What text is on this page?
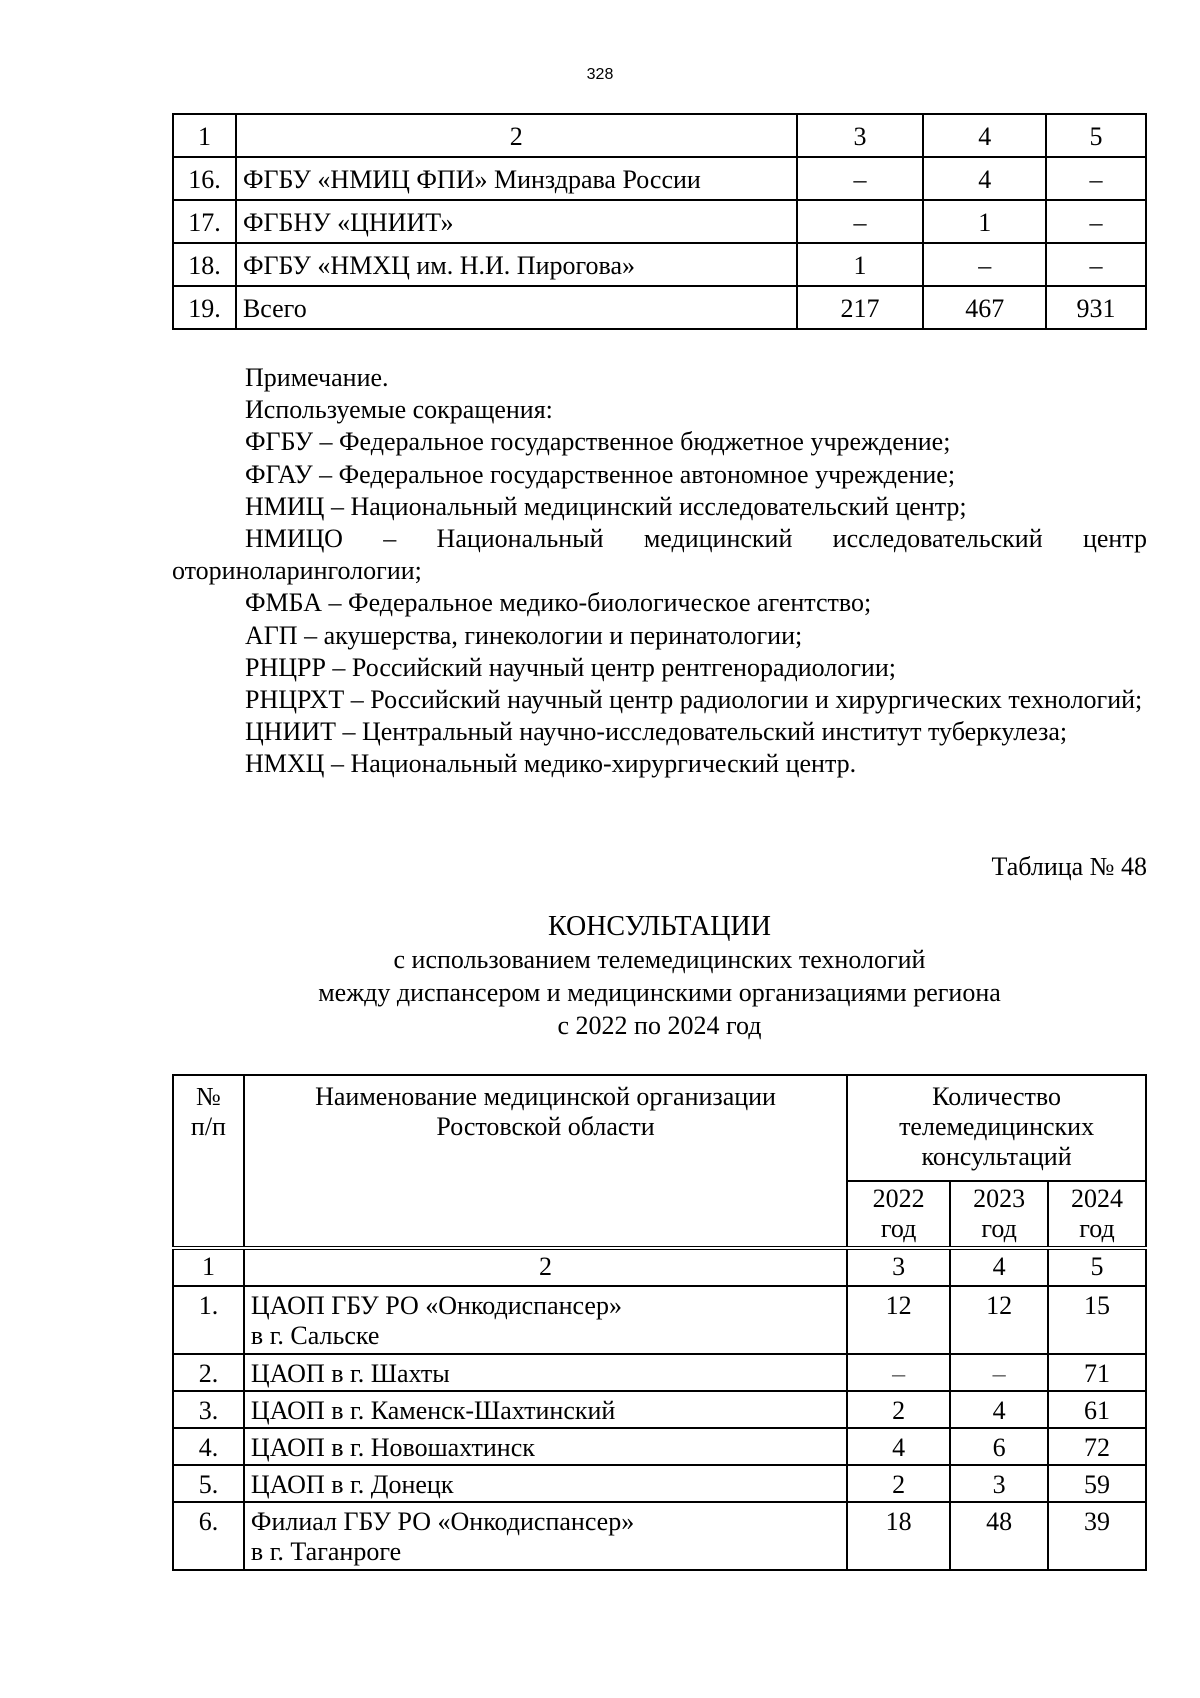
328
1	2	3	4	5
16.	ФГБУ «НМИЦ ФПИ» Минздрава России	–	4	–
17.	ФГБНУ «ЦНИИТ»	–	1	–
18.	ФГБУ «НМХЦ им. Н.И. Пирогова»	1	–	–
19.	Всего	217	467	931

Примечание.

Используемые сокращения:

ФГБУ – Федеральное государственное бюджетное учреждение;

ФГАУ – Федеральное государственное автономное учреждение;

НМИЦ – Национальный медицинский исследовательский центр;

НМИЦО – Национальный медицинский исследовательский центр оториноларингологии;

ФМБА – Федеральное медико-биологическое агентство;

АГП – акушерства, гинекологии и перинатологии;

РНЦРР – Российский научный центр рентгенорадиологии;

РНЦРХТ – Российский научный центр радиологии и хирургических технологий;

ЦНИИТ – Центральный научно-исследовательский институт туберкулеза;

НМХЦ – Национальный медико-хирургический центр.

Таблица № 48
КОНСУЛЬТАЦИИ
с использованием телемедицинских технологий
между диспансером и медицинскими организациями региона
с 2022 по 2024 год
№ п/п	Наименование медицинской организации Ростовской области	Количество телемедицинских консультаций		
		2022 год	2023 год	2024 год
1	2	3	4	5
1.	ЦАОП ГБУ РО «Онкодиспансер»
в г. Сальске	12	12	15
2.	ЦАОП в г. Шахты	–	–	71
3.	ЦАОП в г. Каменск-Шахтинский	2	4	61
4.	ЦАОП в г. Новошахтинск	4	6	72
5.	ЦАОП в г. Донецк	2	3	59
6.	Филиал ГБУ РО «Онкодиспансер»
в г. Таганроге	18	48	39
